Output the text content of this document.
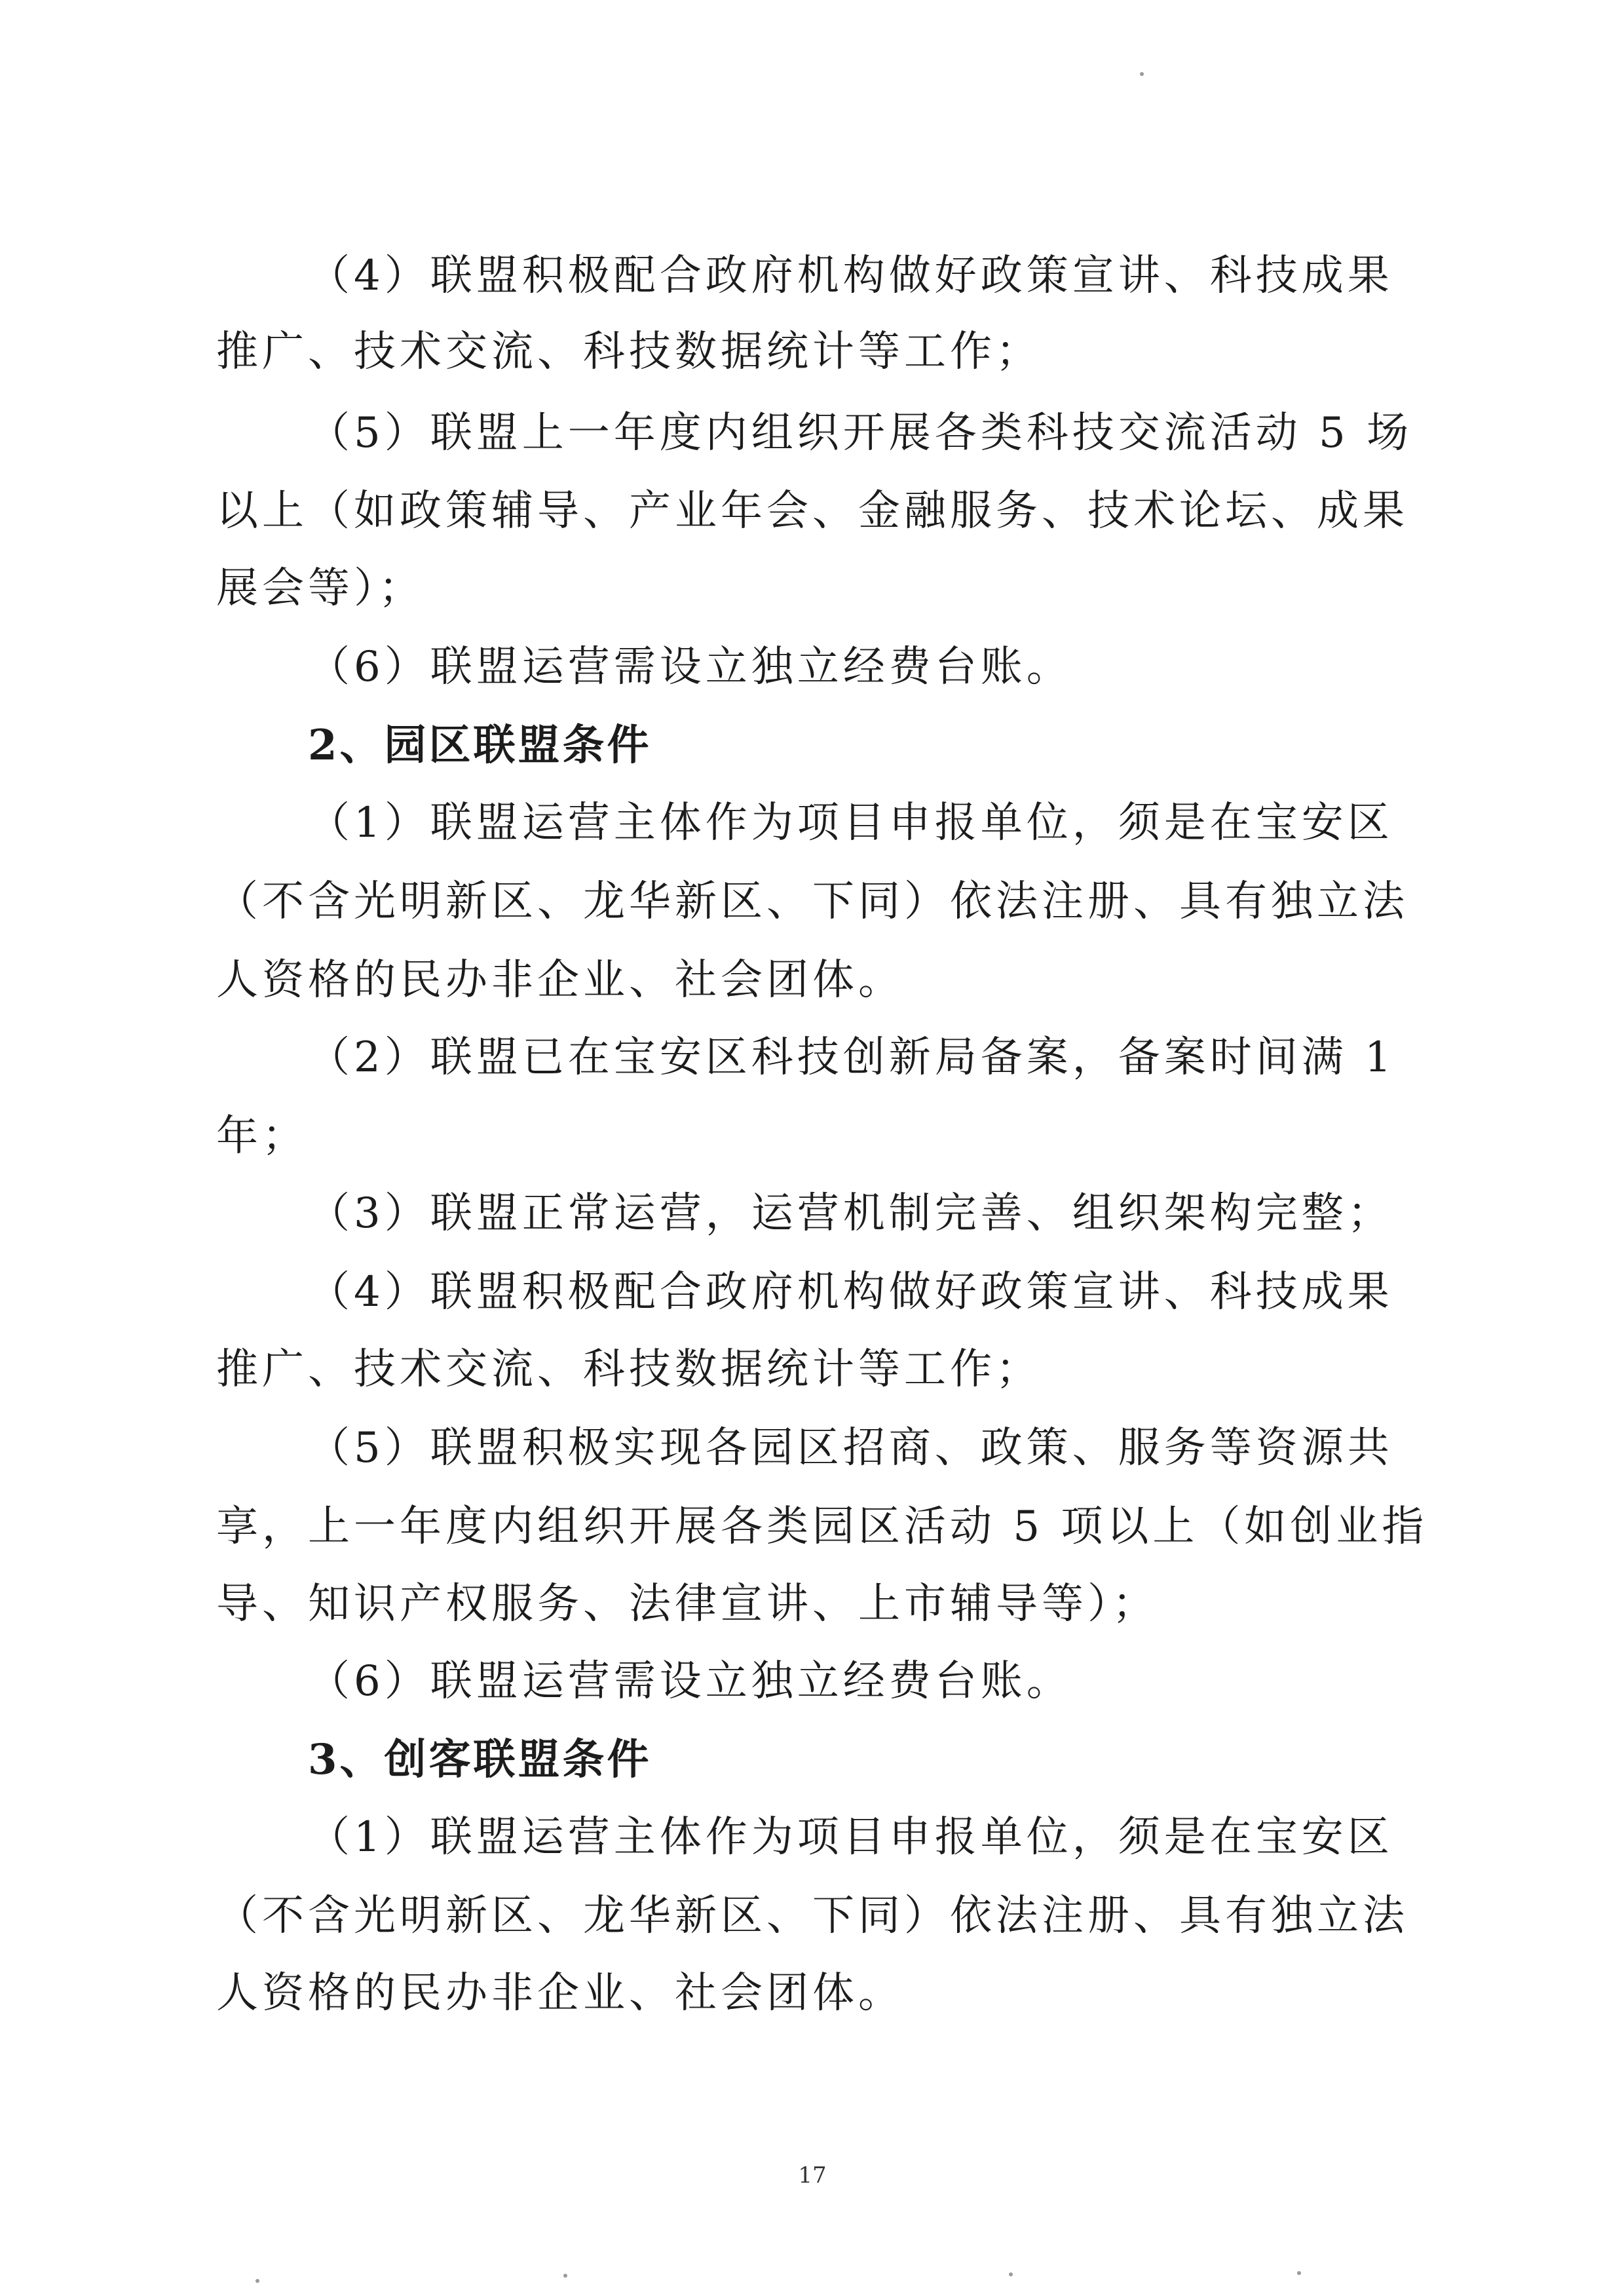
（4）联盟积极配合政府机构做好政策宣讲、科技成果
推广、技术交流、科技数据统计等工作；
（5）联盟上一年度内组织开展各类科技交流活动 5 场
以上（如政策辅导、产业年会、金融服务、技术论坛、成果
展会等）；
（6）联盟运营需设立独立经费台账。
2、园区联盟条件
（1）联盟运营主体作为项目申报单位，须是在宝安区
（不含光明新区、龙华新区、下同）依法注册、具有独立法
人资格的民办非企业、社会团体。
（2）联盟已在宝安区科技创新局备案，备案时间满 1
年；
（3）联盟正常运营，运营机制完善、组织架构完整；
（4）联盟积极配合政府机构做好政策宣讲、科技成果
推广、技术交流、科技数据统计等工作；
（5）联盟积极实现各园区招商、政策、服务等资源共
享，上一年度内组织开展各类园区活动 5 项以上（如创业指
导、知识产权服务、法律宣讲、上市辅导等）；
（6）联盟运营需设立独立经费台账。
3、创客联盟条件
（1）联盟运营主体作为项目申报单位，须是在宝安区
（不含光明新区、龙华新区、下同）依法注册、具有独立法
人资格的民办非企业、社会团体。
17
